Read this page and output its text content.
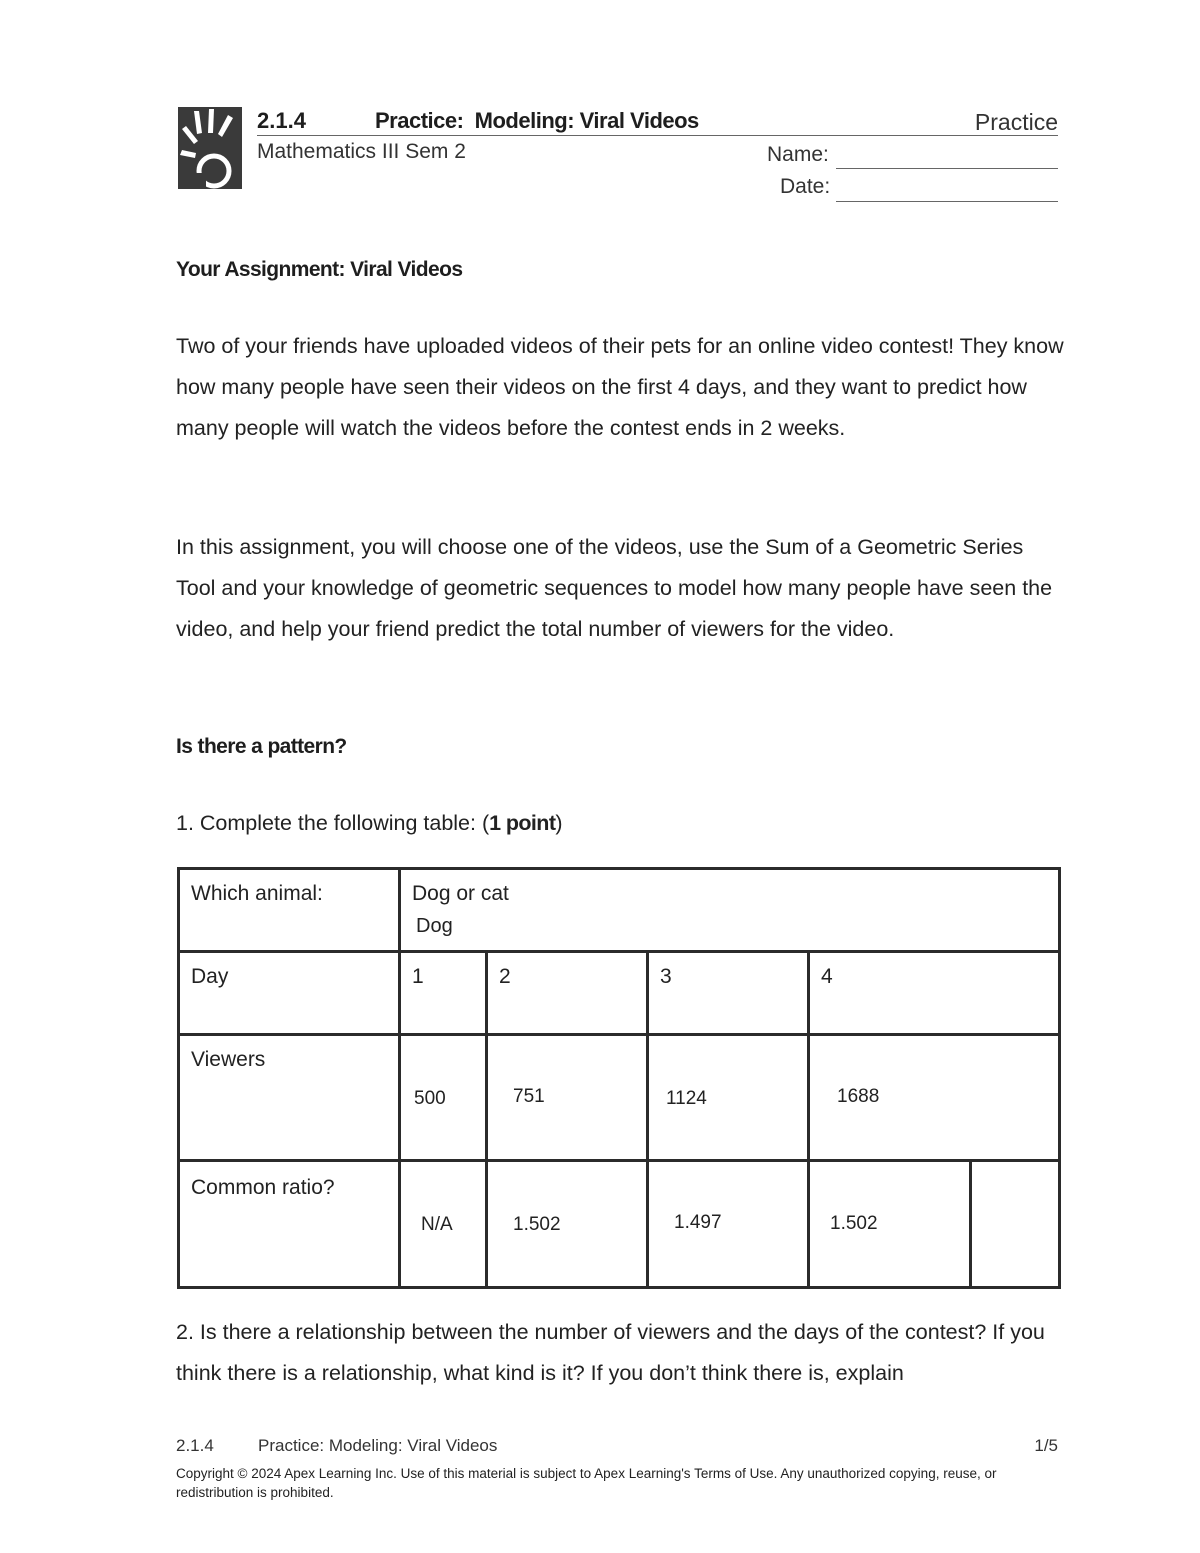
2.1.4	Practice:  Modeling: Viral Videos	Practice
Mathematics III Sem 2	Name:
Date:
Your Assignment: Viral Videos

Two of your friends have uploaded videos of their pets for an online video contest! They know how many people have seen their videos on the first 4 days, and they want to predict how many people will watch the videos before the contest ends in 2 weeks.

In this assignment, you will choose one of the videos, use the Sum of a Geometric Series Tool and your knowledge of geometric sequences to model how many people have seen the video, and help your friend predict the total number of viewers for the video.

Is there a pattern?
1. Complete the following table: (1 point)
Which animal:	Dog or cat
Dog				

Day	1	2	3	4	

Viewers	500	751	1124	1688	

Common ratio?	N/A	1.502	1.497	1.502	

2. Is there a relationship between the number of viewers and the days of the contest? If you think there is a relationship, what kind is it? If you don’t think there is, explain

2.1.4	Practice: Modeling: Viral Videos	1/5
Copyright © 2024 Apex Learning Inc. Use of this material is subject to Apex Learning's Terms of Use. Any unauthorized copying, reuse, or redistribution is prohibited.
